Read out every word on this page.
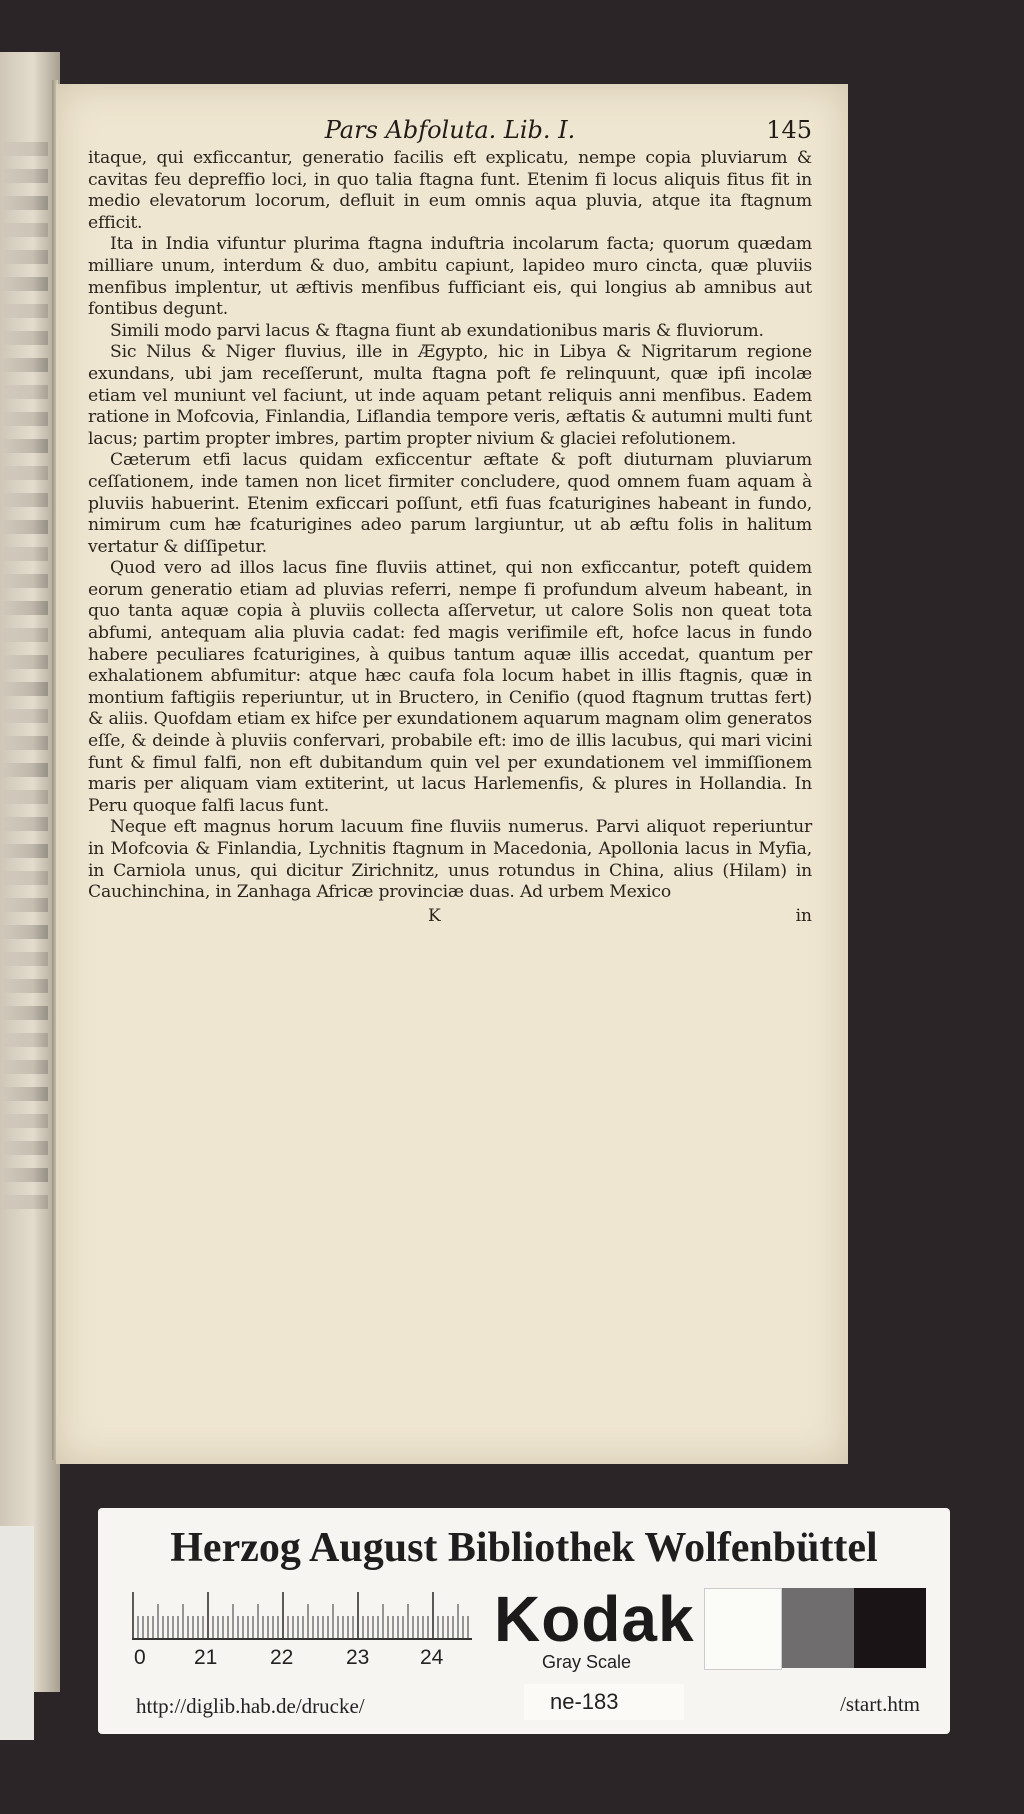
Pars Abfoluta. Lib. I.	145

itaque, qui exficcantur, generatio facilis eft explicatu, nempe copia pluviarum & cavitas feu depreffio loci, in quo talia ftagna funt. Etenim fi locus aliquis fitus fit in medio elevatorum locorum, defluit in eum omnis aqua pluvia, atque ita ftagnum efficit.

Ita in India vifuntur plurima ftagna induftria incolarum facta; quorum quædam milliare unum, interdum & duo, ambitu capiunt, lapideo muro cincta, quæ pluviis menfibus implentur, ut æftivis menfibus fufficiant eis, qui longius ab amnibus aut fontibus degunt.

Simili modo parvi lacus & ftagna fiunt ab exundationibus maris & fluviorum.

Sic Nilus & Niger fluvius, ille in Ægypto, hic in Libya & Nigritarum regione exundans, ubi jam receſſerunt, multa ftagna poft fe relinquunt, quæ ipfi incolæ etiam vel muniunt vel faciunt, ut inde aquam petant reliquis anni menfibus. Eadem ratione in Mofcovia, Finlandia, Liflandia tempore veris, æftatis & autumni multi funt lacus; partim propter imbres, partim propter nivium & glaciei refolutionem.

Cæterum etfi lacus quidam exficcentur æftate & poft diuturnam pluviarum ceſſationem, inde tamen non licet firmiter concludere, quod omnem fuam aquam à pluviis habuerint. Etenim exficcari poſſunt, etfi fuas fcaturigines habeant in fundo, nimirum cum hæ fcaturigines adeo parum largiuntur, ut ab æftu folis in halitum vertatur & diſſipetur.

Quod vero ad illos lacus fine fluviis attinet, qui non exficcantur, poteft quidem eorum generatio etiam ad pluvias referri, nempe fi profundum alveum habeant, in quo tanta aquæ copia à pluviis collecta aſſervetur, ut calore Solis non queat tota abfumi, antequam alia pluvia cadat: fed magis verifimile eft, hofce lacus in fundo habere peculiares fcaturigines, à quibus tantum aquæ illis accedat, quantum per exhalationem abfumitur: atque hæc caufa fola locum habet in illis ftagnis, quæ in montium faftigiis reperiuntur, ut in Bructero, in Cenifio (quod ftagnum truttas fert) & aliis. Quofdam etiam ex hifce per exundationem aquarum magnam olim generatos eſſe, & deinde à pluviis confervari, probabile eft: imo de illis lacubus, qui mari vicini funt & fimul falfi, non eft dubitandum quin vel per exundationem vel immiſſionem maris per aliquam viam extiterint, ut lacus Harlemenfis, & plures in Hollandia. In Peru quoque falfi lacus funt.

Neque eft magnus horum lacuum fine fluviis numerus. Parvi aliquot reperiuntur in Mofcovia & Finlandia, Lychnitis ftagnum in Macedonia, Apollonia lacus in Myfia, in Carniola unus, qui dicitur Zirichnitz, unus rotundus in China, alius (Hilam) in Cauchinchina, in Zanhaga Africæ provinciæ duas. Ad urbem Mexico

K	in
Herzog August Bibliothek Wolfenbüttel
0 21	22	23 24
Kodak
Gray Scale
http://diglib.hab.de/drucke/	ne-183	/start.htm
